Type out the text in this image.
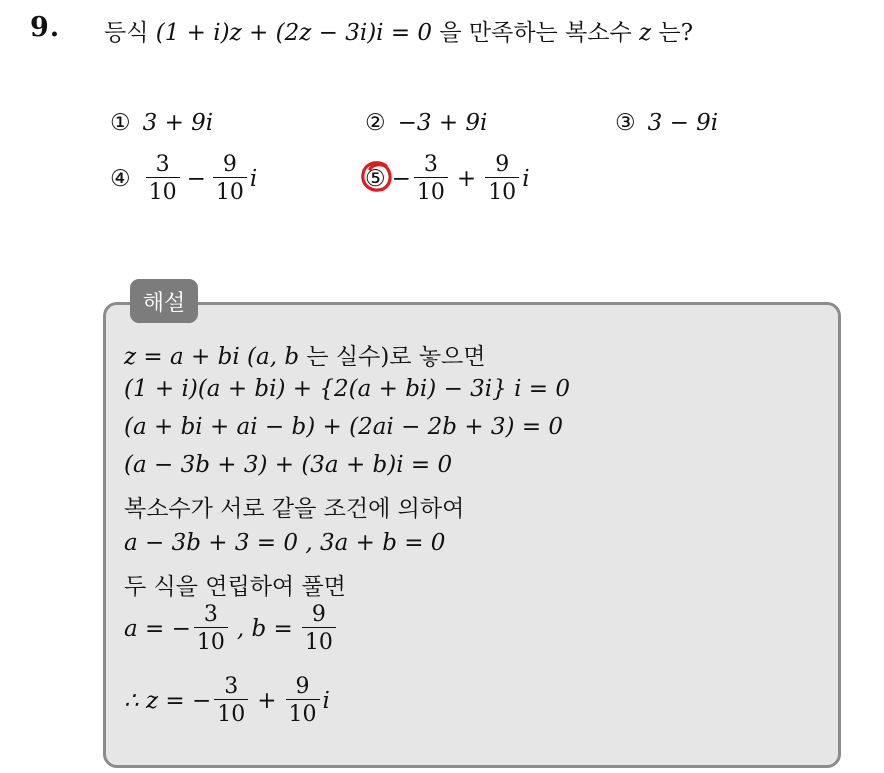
9. 등식 (1 + i)z + (2z − 3i)i = 0 을 만족하는 복소수 z 는?
① 3 + 9i	② −3 + 9i	③ 3 − 9i
④ $\frac{3}{10} - \frac{9}{10}$ i	⑤ − $\frac{3}{10} + \frac{9}{10}$ i
해설
z = a + bi (a, b 는 실수)로 놓으면
(1 + i)(a + bi) + {2(a + bi) − 3i} i = 0
(a + bi + ai − b) + (2ai − 2b + 3) = 0
(a − 3b + 3) + (3a + b)i = 0
복소수가 서로 같을 조건에 의하여
a − 3b + 3 = 0 , 3a + b = 0
두 식을 연립하여 풀면
a = − $\frac{3}{10}$ , $b = \frac{9}{10}$
∴ z = − $\frac{3}{10} + \frac{9}{10}$ i
